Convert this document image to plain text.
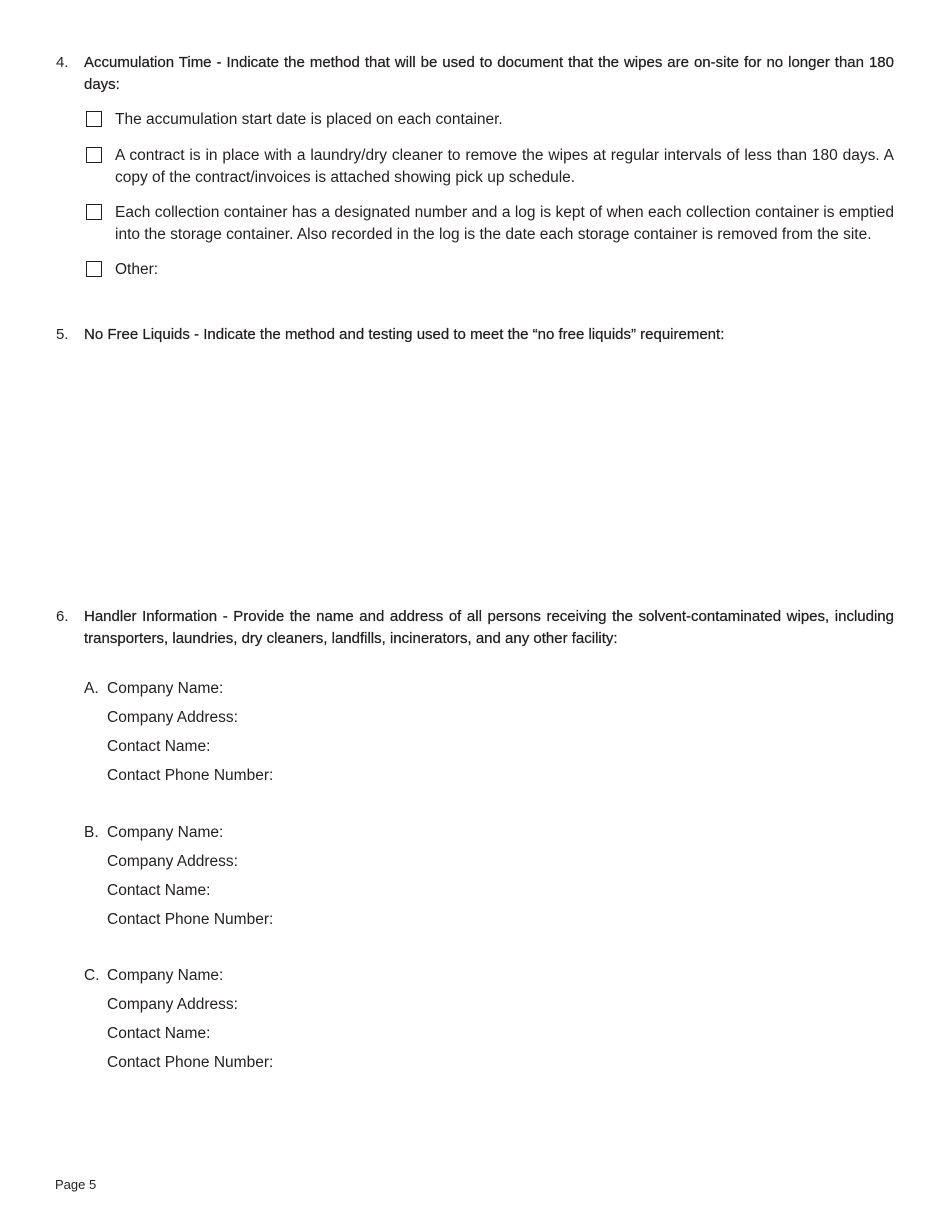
4. Accumulation Time - Indicate the method that will be used to document that the wipes are on-site for no longer than 180 days:
The accumulation start date is placed on each container.
A contract is in place with a laundry/dry cleaner to remove the wipes at regular intervals of less than 180 days. A copy of the contract/invoices is attached showing pick up schedule.
Each collection container has a designated number and a log is kept of when each collection container is emptied into the storage container. Also recorded in the log is the date each storage container is removed from the site.
Other:
5. No Free Liquids - Indicate the method and testing used to meet the “no free liquids” requirement:
6. Handler Information - Provide the name and address of all persons receiving the solvent-contaminated wipes, including transporters, laundries, dry cleaners, landfills, incinerators, and any other facility:
A. Company Name:
Company Address:
Contact Name:
Contact Phone Number:
B. Company Name:
Company Address:
Contact Name:
Contact Phone Number:
C. Company Name:
Company Address:
Contact Name:
Contact Phone Number:
Page 5
